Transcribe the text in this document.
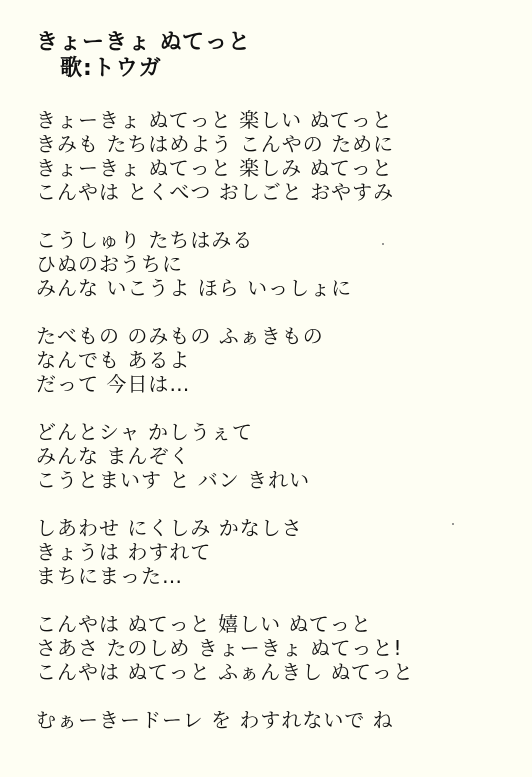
きょーきょ ぬてっと
歌:トウガ
きょーきょ ぬてっと 楽しい ぬてっと
きみも たちはめよう こんやの ために
きょーきょ ぬてっと 楽しみ ぬてっと
こんやは とくべつ おしごと おやすみ
こうしゅり たちはみる
ひぬのおうちに
みんな いこうよ ほら いっしょに
たべもの のみもの ふぁきもの
なんでも あるよ
だって 今日は…
どんとシャ かしうぇて
みんな まんぞく
こうとまいす と バン きれい
しあわせ にくしみ かなしさ
きょうは わすれて
まちにまった…
こんやは ぬてっと 嬉しい ぬてっと
さあさ たのしめ きょーきょ ぬてっと!
こんやは ぬてっと ふぁんきし ぬてっと
むぁーきードーレ を わすれないで ね
